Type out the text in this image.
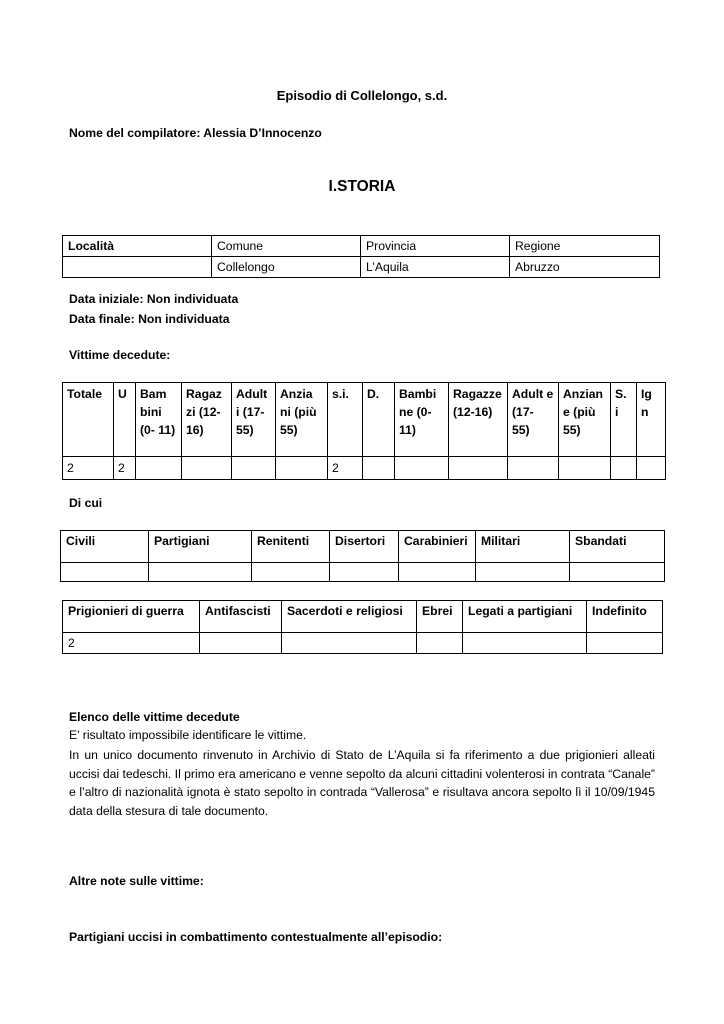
Episodio di Collelongo, s.d.
Nome del compilatore: Alessia D’Innocenzo
I.STORIA
Località	Comune	Provincia	Regione
	Collelongo	L’Aquila	Abruzzo
Data iniziale: Non individuata
Data finale: Non individuata
Vittime decedute:
Totale	U	Bam bini (0- 11)	Ragaz zi (12- 16)	Adult i (17- 55)	Anzia ni (più 55)	s.i.	D.	Bambi ne (0- 11)	Ragazze (12-16)	Adult e (17- 55)	Anzian e (più 55)	S. i	Ig n
2	2					2							
Di cui
Civili	Partigiani	Renitenti	Disertori	Carabinieri	Militari	Sbandati

Prigionieri di guerra	Antifascisti	Sacerdoti e religiosi	Ebrei	Legati a partigiani	Indefinito
2					
Elenco delle vittime decedute
E’ risultato impossibile identificare le vittime.

In un unico documento rinvenuto in Archivio di Stato de L’Aquila si fa riferimento a due prigionieri alleati uccisi dai tedeschi. Il primo era americano e venne sepolto da alcuni cittadini volenterosi in contrata “Canale” e l’altro di nazionalità ignota è stato sepolto in contrada “Vallerosa” e risultava ancora sepolto lì il 10/09/1945 data della stesura di tale documento.

Altre note sulle vittime:
Partigiani uccisi in combattimento contestualmente all’episodio:
